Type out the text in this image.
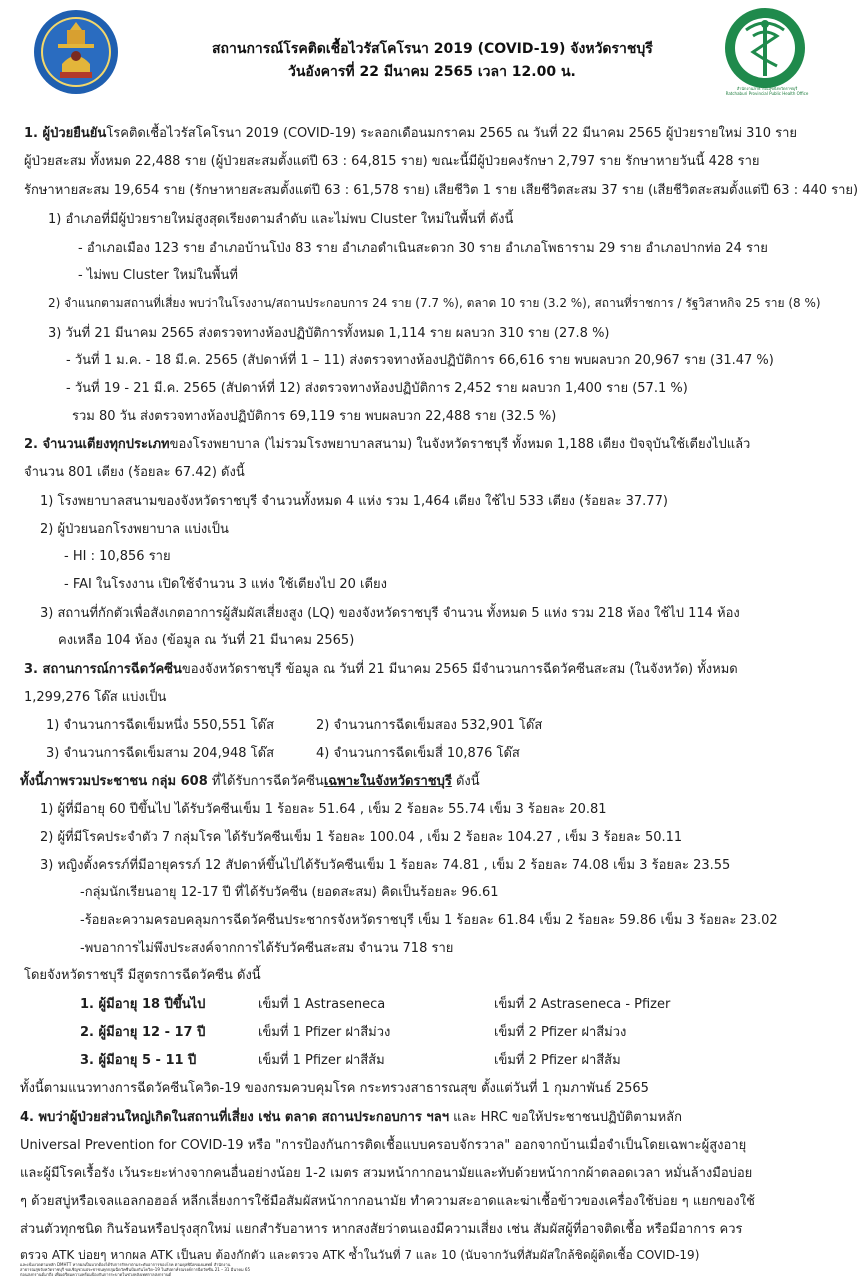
สำนักงานสาธารณสุขจังหวัดราชบุรี
Ratchaburi Provincial Public Health Office
สถานการณ์โรคติดเชื้อไวรัสโคโรนา 2019 (COVID-19) จังหวัดราชบุรี
วันอังคารที่ 22 มีนาคม 2565 เวลา 12.00 น.
1. ผู้ป่วยยืนยันโรคติดเชื้อไวรัสโคโรนา 2019 (COVID-19) ระลอกเดือนมกราคม 2565 ณ วันที่ 22 มีนาคม 2565 ผู้ป่วยรายใหม่ 310 ราย
ผู้ป่วยสะสม ทั้งหมด 22,488 ราย (ผู้ป่วยสะสมตั้งแต่ปี 63 : 64,815 ราย) ขณะนี้มีผู้ป่วยคงรักษา 2,797 ราย รักษาหายวันนี้ 428 ราย
รักษาหายสะสม 19,654 ราย (รักษาหายสะสมตั้งแต่ปี 63 : 61,578 ราย) เสียชีวิต 1 ราย เสียชีวิตสะสม 37 ราย (เสียชีวิตสะสมตั้งแต่ปี 63 : 440 ราย)
1) อำเภอที่มีผู้ป่วยรายใหม่สูงสุดเรียงตามลำดับ และไม่พบ Cluster ใหม่ในพื้นที่ ดังนี้
- อำเภอเมือง 123 ราย อำเภอบ้านโป่ง 83 ราย อำเภอดำเนินสะดวก 30 ราย อำเภอโพธาราม 29 ราย อำเภอปากท่อ 24 ราย
- ไม่พบ Cluster ใหม่ในพื้นที่
2) จำแนกตามสถานที่เสี่ยง พบว่าในโรงงาน/สถานประกอบการ 24 ราย (7.7 %), ตลาด 10 ราย (3.2 %), สถานที่ราชการ / รัฐวิสาหกิจ 25 ราย (8 %)
3) วันที่ 21 มีนาคม 2565 ส่งตรวจทางห้องปฏิบัติการทั้งหมด 1,114 ราย ผลบวก 310 ราย (27.8 %)
- วันที่ 1 ม.ค. - 18 มี.ค. 2565 (สัปดาห์ที่ 1 – 11) ส่งตรวจทางห้องปฏิบัติการ 66,616 ราย พบผลบวก 20,967 ราย (31.47 %)
- วันที่ 19 - 21 มี.ค. 2565 (สัปดาห์ที่ 12) ส่งตรวจทางห้องปฏิบัติการ 2,452 ราย ผลบวก 1,400 ราย (57.1 %)
รวม 80 วัน ส่งตรวจทางห้องปฏิบัติการ 69,119 ราย พบผลบวก 22,488 ราย (32.5 %)
2. จำนวนเตียงทุกประเภทของโรงพยาบาล (ไม่รวมโรงพยาบาลสนาม) ในจังหวัดราชบุรี ทั้งหมด 1,188 เตียง ปัจจุบันใช้เตียงไปแล้ว
จำนวน 801 เตียง (ร้อยละ 67.42) ดังนี้
1) โรงพยาบาลสนามของจังหวัดราชบุรี จำนวนทั้งหมด 4 แห่ง รวม 1,464 เตียง ใช้ไป 533 เตียง (ร้อยละ 37.77)
2) ผู้ป่วยนอกโรงพยาบาล แบ่งเป็น
- HI : 10,856 ราย
- FAI ในโรงงาน เปิดใช้จำนวน 3 แห่ง ใช้เตียงไป 20 เตียง
3) สถานที่กักตัวเพื่อสังเกตอาการผู้สัมผัสเสี่ยงสูง (LQ) ของจังหวัดราชบุรี จำนวน ทั้งหมด 5 แห่ง รวม 218 ห้อง ใช้ไป 114 ห้อง
คงเหลือ 104 ห้อง (ข้อมูล ณ วันที่ 21 มีนาคม 2565)
3. สถานการณ์การฉีดวัคซีนของจังหวัดราชบุรี ข้อมูล ณ วันที่ 21 มีนาคม 2565 มีจำนวนการฉีดวัคซีนสะสม (ในจังหวัด) ทั้งหมด
1,299,276 โด๊ส แบ่งเป็น
1) จำนวนการฉีดเข็มหนึ่ง 550,551 โด๊ส	2) จำนวนการฉีดเข็มสอง 532,901 โด๊ส
3) จำนวนการฉีดเข็มสาม 204,948 โด๊ส	4) จำนวนการฉีดเข็มสี่ 10,876 โด๊ส
ทั้งนี้ภาพรวมประชาชน กลุ่ม 608 ที่ได้รับการฉีดวัคซีนเฉพาะในจังหวัดราชบุรี ดังนี้
1) ผู้ที่มีอายุ 60 ปีขึ้นไป ได้รับวัคซีนเข็ม 1 ร้อยละ 51.64 , เข็ม 2 ร้อยละ 55.74 เข็ม 3 ร้อยละ 20.81
2) ผู้ที่มีโรคประจำตัว 7 กลุ่มโรค ได้รับวัคซีนเข็ม 1 ร้อยละ 100.04 , เข็ม 2 ร้อยละ 104.27 , เข็ม 3 ร้อยละ 50.11
3) หญิงตั้งครรภ์ที่มีอายุครรภ์ 12 สัปดาห์ขึ้นไปได้รับวัคซีนเข็ม 1 ร้อยละ 74.81 , เข็ม 2 ร้อยละ 74.08 เข็ม 3 ร้อยละ 23.55
-กลุ่มนักเรียนอายุ 12-17 ปี ที่ได้รับวัคซีน (ยอดสะสม) คิดเป็นร้อยละ 96.61
-ร้อยละความครอบคลุมการฉีดวัคซีนประชากรจังหวัดราชบุรี เข็ม 1 ร้อยละ 61.84 เข็ม 2 ร้อยละ 59.86 เข็ม 3 ร้อยละ 23.02
-พบอาการไม่พึงประสงค์จากการได้รับวัคซีนสะสม จำนวน 718 ราย
โดยจังหวัดราชบุรี มีสูตรการฉีดวัคซีน ดังนี้
1. ผู้มีอายุ 18 ปีขึ้นไป	เข็มที่ 1 Astraseneca	เข็มที่ 2 Astraseneca - Pfizer
2. ผู้มีอายุ 12 - 17 ปี	เข็มที่ 1 Pfizer ฝาสีม่วง	เข็มที่ 2 Pfizer ฝาสีม่วง
3. ผู้มีอายุ 5 - 11 ปี	เข็มที่ 1 Pfizer ฝาสีส้ม	เข็มที่ 2 Pfizer ฝาสีส้ม
ทั้งนี้ตามแนวทางการฉีดวัคซีนโควิด-19 ของกรมควบคุมโรค กระทรวงสาธารณสุข ตั้งแต่วันที่ 1 กุมภาพันธ์ 2565
4. พบว่าผู้ป่วยส่วนใหญ่เกิดในสถานที่เสี่ยง เช่น ตลาด สถานประกอบการ ฯลฯ และ HRC ขอให้ประชาชนปฏิบัติตามหลัก
Universal Prevention for COVID-19 หรือ "การป้องกันการติดเชื้อแบบครอบจักรวาล" ออกจากบ้านเมื่อจำเป็นโดยเฉพาะผู้สูงอายุ
และผู้มีโรคเรื้อรัง เว้นระยะห่างจากคนอื่นอย่างน้อย 1-2 เมตร สวมหน้ากากอนามัยและทับด้วยหน้ากากผ้าตลอดเวลา หมั่นล้างมือบ่อย
ๆ ด้วยสบู่หรือเจลแอลกอฮอล์ หลีกเลี่ยงการใช้มือสัมผัสหน้ากากอนามัย ทำความสะอาดและฆ่าเชื้อข้าวของเครื่องใช้บ่อย ๆ แยกของใช้
ส่วนตัวทุกชนิด กินร้อนหรือปรุงสุกใหม่ แยกสำรับอาหาร หากสงสัยว่าตนเองมีความเสี่ยง เช่น สัมผัสผู้ที่อาจติดเชื้อ หรือมีอาการ ควร
ตรวจ ATK บ่อยๆ หากผล ATK เป็นลบ ต้องกักตัว และตรวจ ATK ซ้ำในวันที่ 7 และ 10 (นับจากวันที่สัมผัสใกล้ชิดผู้ติดเชื้อ COVID-19)
และเข้มงวดตามหลัก DMHTT หากผลเป็นบวกต้องได้รับการรักษาตามระดับอาการของโรค ตามดุลพินิจของแพทย์ สำนักงาน
สาธารณสุขจังหวัดราชบุรี ขอเชิญชวนประชาชนทุกกลุ่มฉีดวัคซีนป้องกันโควิด–19 ในสัปดาห์รณรงค์การฉีดวัคซีน 21 – 31 มีนาคม 65
ก่อนสงกรานต์มาถึง เพื่อเตรียมความพร้อมป้องกันการระบาดในช่วงหลังเทศกาลสงกรานต์
